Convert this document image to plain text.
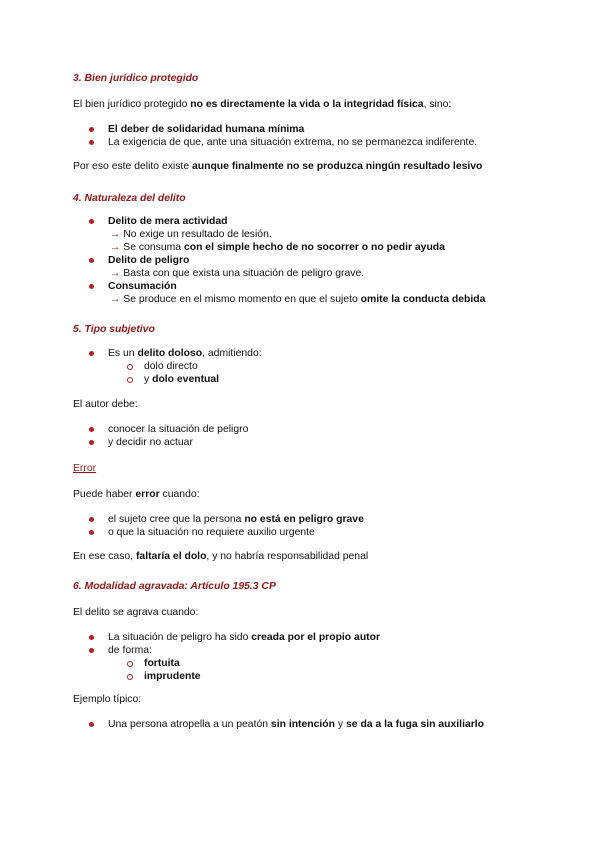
3. Bien jurídico protegido
El bien jurídico protegido no es directamente la vida o la integridad física, sino:
El deber de solidaridad humana mínima
La exigencia de que, ante una situación extrema, no se permanezca indiferente.
Por eso este delito existe aunque finalmente no se produzca ningún resultado lesivo
4. Naturaleza del delito
Delito de mera actividad
→ No exige un resultado de lesión.
→ Se consuma con el simple hecho de no socorrer o no pedir ayuda
Delito de peligro
→ Basta con que exista una situación de peligro grave.
Consumación
→ Se produce en el mismo momento en que el sujeto omite la conducta debida
5. Tipo subjetivo
Es un delito doloso, admitiendo:
dolo directo
y dolo eventual
El autor debe:
conocer la situación de peligro
y decidir no actuar
Error
Puede haber error cuando:
el sujeto cree que la persona no está en peligro grave
o que la situación no requiere auxilio urgente
En ese caso, faltaría el dolo, y no habría responsabilidad penal
6. Modalidad agravada: Artículo 195.3 CP
El delito se agrava cuando:
La situación de peligro ha sido creada por el propio autor
de forma:
fortuita
imprudente
Ejemplo típico:
Una persona atropella a un peatón sin intención y se da a la fuga sin auxiliarlo
